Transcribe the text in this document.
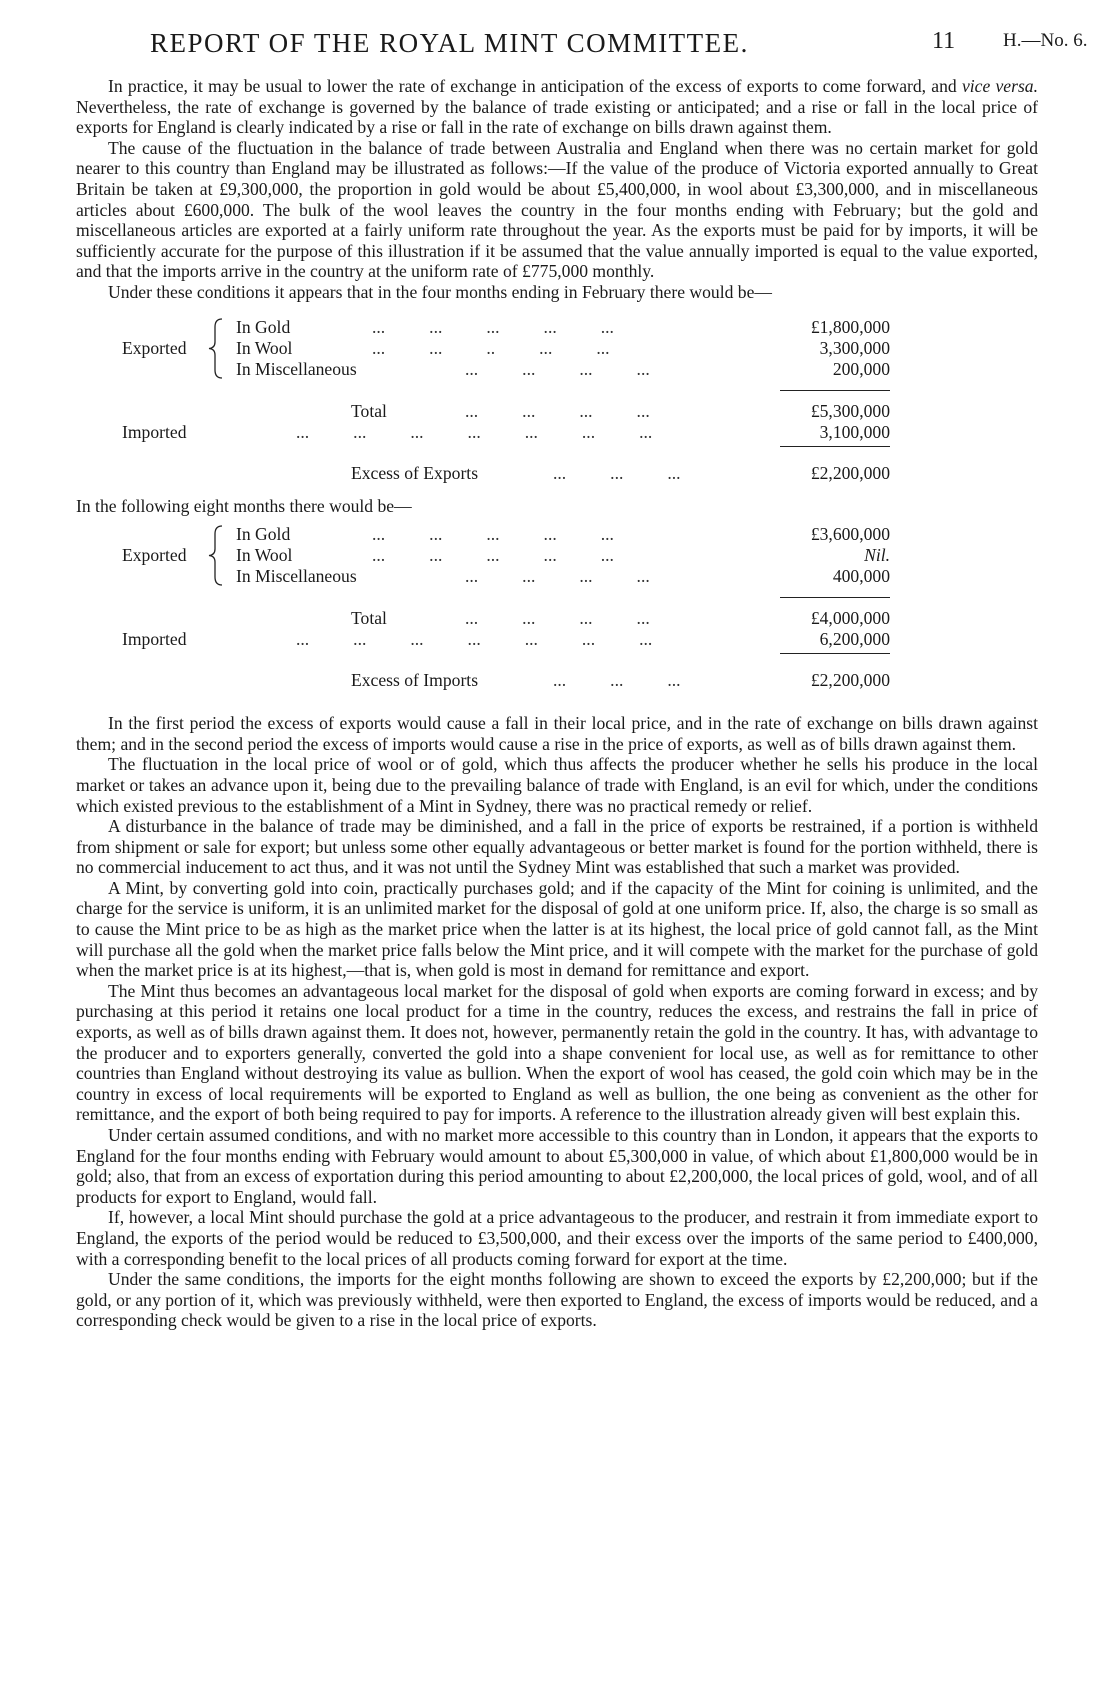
REPORT OF THE ROYAL MINT COMMITTEE.	11	H.—No. 6.

In practice, it may be usual to lower the rate of exchange in anticipation of the excess of exports to come forward, and vice versa. Nevertheless, the rate of exchange is governed by the balance of trade existing or anticipated; and a rise or fall in the local price of exports for England is clearly indicated by a rise or fall in the rate of exchange on bills drawn against them.

The cause of the fluctuation in the balance of trade between Australia and England when there was no certain market for gold nearer to this country than England may be illustrated as follows:—If the value of the produce of Victoria exported annually to Great Britain be taken at £9,300,000, the proportion in gold would be about £5,400,000, in wool about £3,300,000, and in miscellaneous articles about £600,000. The bulk of the wool leaves the country in the four months ending with February; but the gold and miscellaneous articles are exported at a fairly uniform rate throughout the year. As the exports must be paid for by imports, it will be sufficiently accurate for the purpose of this illustration if it be assumed that the value annually imported is equal to the value exported, and that the imports arrive in the country at the uniform rate of £775,000 monthly.

Under these conditions it appears that in the four months ending in February there would be—

Exported
In Gold	...          ...          ...          ...          ...	£1,800,000
In Wool	...          ...          ..          ...          ...	3,300,000
In Miscellaneous	...          ...          ...          ...	200,000
Total	...          ...          ...          ...	£5,300,000
Imported	...          ...          ...          ...          ...          ...          ...	3,100,000
Excess of Exports	...          ...          ...	£2,200,000

In the following eight months there would be—

Exported
In Gold	...          ...          ...          ...          ...	£3,600,000
In Wool	...          ...          ...          ...          ...	Nil.
In Miscellaneous	...          ...          ...          ...	400,000
Total	...          ...          ...          ...	£4,000,000
Imported	...          ...          ...          ...          ...          ...          ...	6,200,000
Excess of Imports	...          ...          ...	£2,200,000

In the first period the excess of exports would cause a fall in their local price, and in the rate of exchange on bills drawn against them; and in the second period the excess of imports would cause a rise in the price of exports, as well as of bills drawn against them.

The fluctuation in the local price of wool or of gold, which thus affects the producer whether he sells his produce in the local market or takes an advance upon it, being due to the prevailing balance of trade with England, is an evil for which, under the conditions which existed previous to the establishment of a Mint in Sydney, there was no practical remedy or relief.

A disturbance in the balance of trade may be diminished, and a fall in the price of exports be restrained, if a portion is withheld from shipment or sale for export; but unless some other equally advantageous or better market is found for the portion withheld, there is no commercial inducement to act thus, and it was not until the Sydney Mint was established that such a market was provided.

A Mint, by converting gold into coin, practically purchases gold; and if the capacity of the Mint for coining is unlimited, and the charge for the service is uniform, it is an unlimited market for the disposal of gold at one uniform price. If, also, the charge is so small as to cause the Mint price to be as high as the market price when the latter is at its highest, the local price of gold cannot fall, as the Mint will purchase all the gold when the market price falls below the Mint price, and it will compete with the market for the purchase of gold when the market price is at its highest,—that is, when gold is most in demand for remittance and export.

The Mint thus becomes an advantageous local market for the disposal of gold when exports are coming forward in excess; and by purchasing at this period it retains one local product for a time in the country, reduces the excess, and restrains the fall in price of exports, as well as of bills drawn against them. It does not, however, permanently retain the gold in the country. It has, with advantage to the producer and to exporters generally, converted the gold into a shape convenient for local use, as well as for remittance to other countries than England without destroying its value as bullion. When the export of wool has ceased, the gold coin which may be in the country in excess of local requirements will be exported to England as well as bullion, the one being as convenient as the other for remittance, and the export of both being required to pay for imports. A reference to the illustration already given will best explain this.

Under certain assumed conditions, and with no market more accessible to this country than in London, it appears that the exports to England for the four months ending with February would amount to about £5,300,000 in value, of which about £1,800,000 would be in gold; also, that from an excess of exportation during this period amounting to about £2,200,000, the local prices of gold, wool, and of all products for export to England, would fall.

If, however, a local Mint should purchase the gold at a price advantageous to the producer, and restrain it from immediate export to England, the exports of the period would be reduced to £3,500,000, and their excess over the imports of the same period to £400,000, with a corresponding benefit to the local prices of all products coming forward for export at the time.

Under the same conditions, the imports for the eight months following are shown to exceed the exports by £2,200,000; but if the gold, or any portion of it, which was previously withheld, were then exported to England, the excess of imports would be reduced, and a corresponding check would be given to a rise in the local price of exports.
